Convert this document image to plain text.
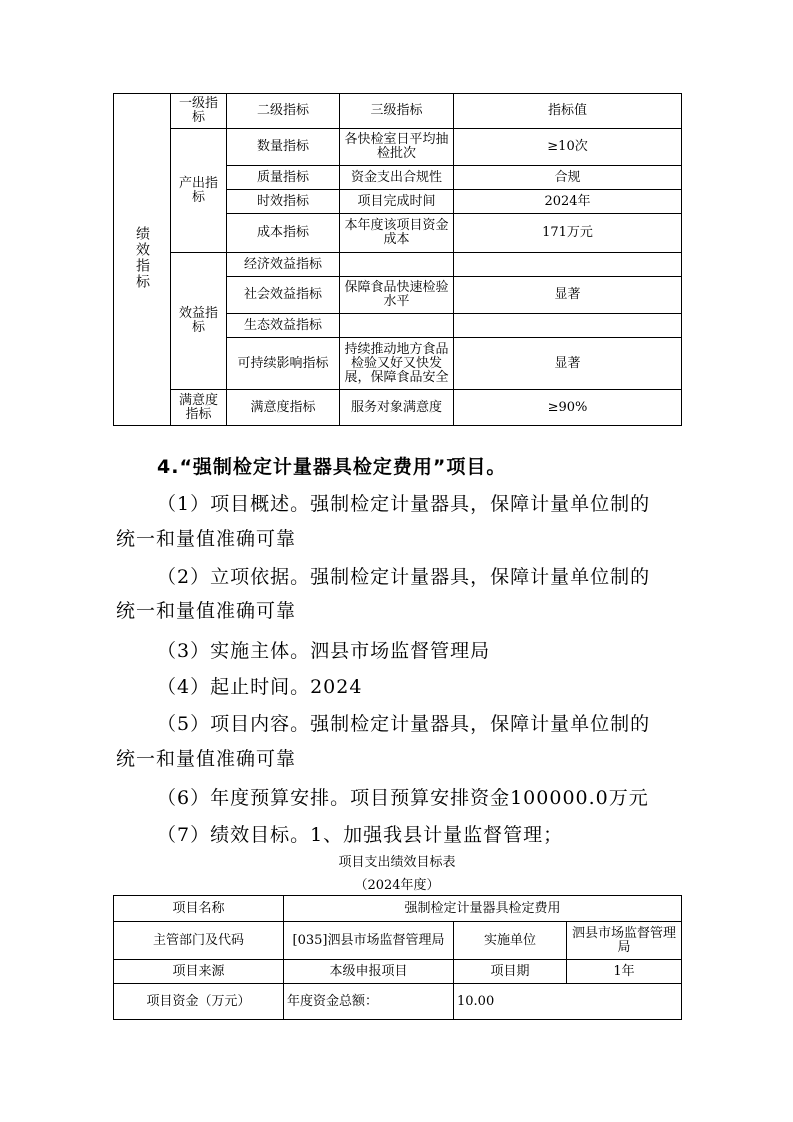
绩效指标	一级指标	二级指标	三级指标	指标值
	产出指标	数量指标	各快检室日平均抽检批次	≥10次
		质量指标	资金支出合规性	合规
		时效指标	项目完成时间	2024年
		成本指标	本年度该项目资金成本	171万元
	效益指标	经济效益指标		
		社会效益指标	保障食品快速检验水平	显著
		生态效益指标		
		可持续影响指标	持续推动地方食品检验又好又快发展，保障食品安全	显著
	满意度指标	满意度指标	服务对象满意度	≥90%

4.“强制检定计量器具检定费用”项目。

（1）项目概述。强制检定计量器具，保障计量单位制的

统一和量值准确可靠

（2）立项依据。强制检定计量器具，保障计量单位制的

统一和量值准确可靠

（3）实施主体。泗县市场监督管理局

（4）起止时间。2024

（5）项目内容。强制检定计量器具，保障计量单位制的

统一和量值准确可靠

（6）年度预算安排。项目预算安排资金100000.0万元

（7）绩效目标。1、加强我县计量监督管理；

项目支出绩效目标表

（2024年度）

项目名称	强制检定计量器具检定费用		
主管部门及代码	[035]泗县市场监督管理局	实施单位	泗县市场监督管理局
项目来源	本级申报项目	项目期	1年
项目资金（万元）	年度资金总额：	10.00	
